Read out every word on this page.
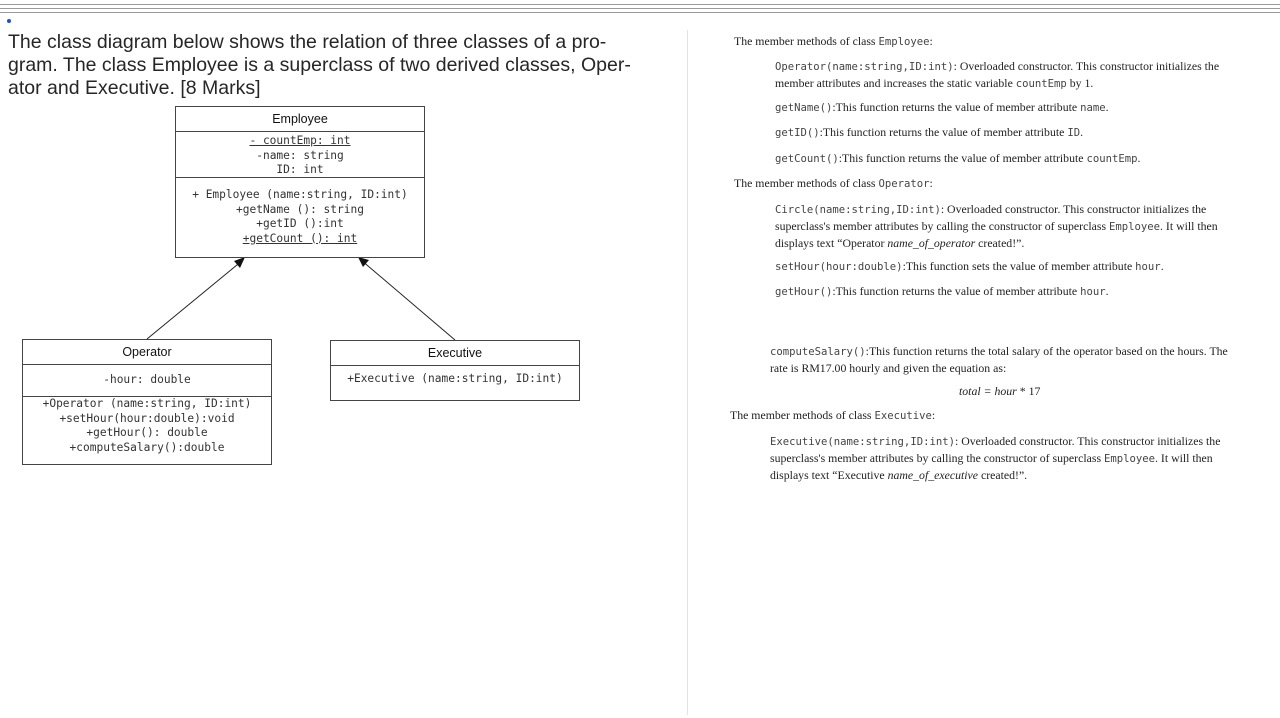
The class diagram below shows the relation of three classes of a pro-
gram. The class Employee is a superclass of two derived classes, Oper-
ator and Executive. [8 Marks]
Employee
- countEmp: int
-name: string
ID: int
+ Employee (name:string, ID:int)
+getName (): string
+getID ():int
+getCount (): int
Operator
-hour: double
+Operator (name:string, ID:int)
+setHour(hour:double):void
+getHour(): double
+computeSalary():double
Executive
+Executive (name:string, ID:int)
The member methods of class Employee:
Operator(name:string,ID:int): Overloaded constructor. This constructor initializes the member attributes and increases the static variable countEmp by 1.
getName():This function returns the value of member attribute name.
getID():This function returns the value of member attribute ID.
getCount():This function returns the value of member attribute countEmp.
The member methods of class Operator:
Circle(name:string,ID:int): Overloaded constructor. This constructor initializes the superclass's member attributes by calling the constructor of superclass Employee. It will then displays text “Operator name_of_operator created!”.
setHour(hour:double):This function sets the value of member attribute hour.
getHour():This function returns the value of member attribute hour.
computeSalary():This function returns the total salary of the operator based on the hours. The rate is RM17.00 hourly and given the equation as:
total = hour * 17
The member methods of class Executive:
Executive(name:string,ID:int): Overloaded constructor. This constructor initializes the superclass's member attributes by calling the constructor of superclass Employee. It will then displays text “Executive name_of_executive created!”.
